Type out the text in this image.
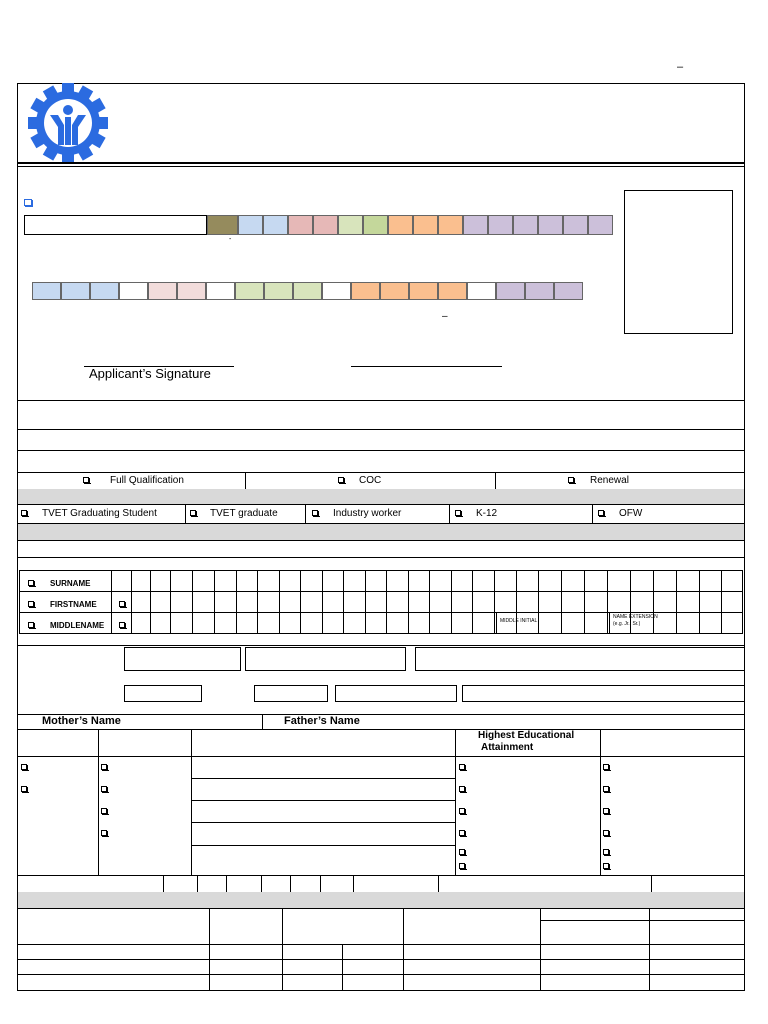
–
-
–
Applicant’s Signature
Full Qualification	COC	Renewal
TVET Graduating Student	TVET graduate	Industry worker	K-12	OFW
SURNAME
FIRSTNAME
MIDDLENAME	MIDDLE INITIAL
NAME EXTENSION
(e.g. Jr., Sr.)
Mother’s Name	Father’s Name
Highest Educational
Attainment
